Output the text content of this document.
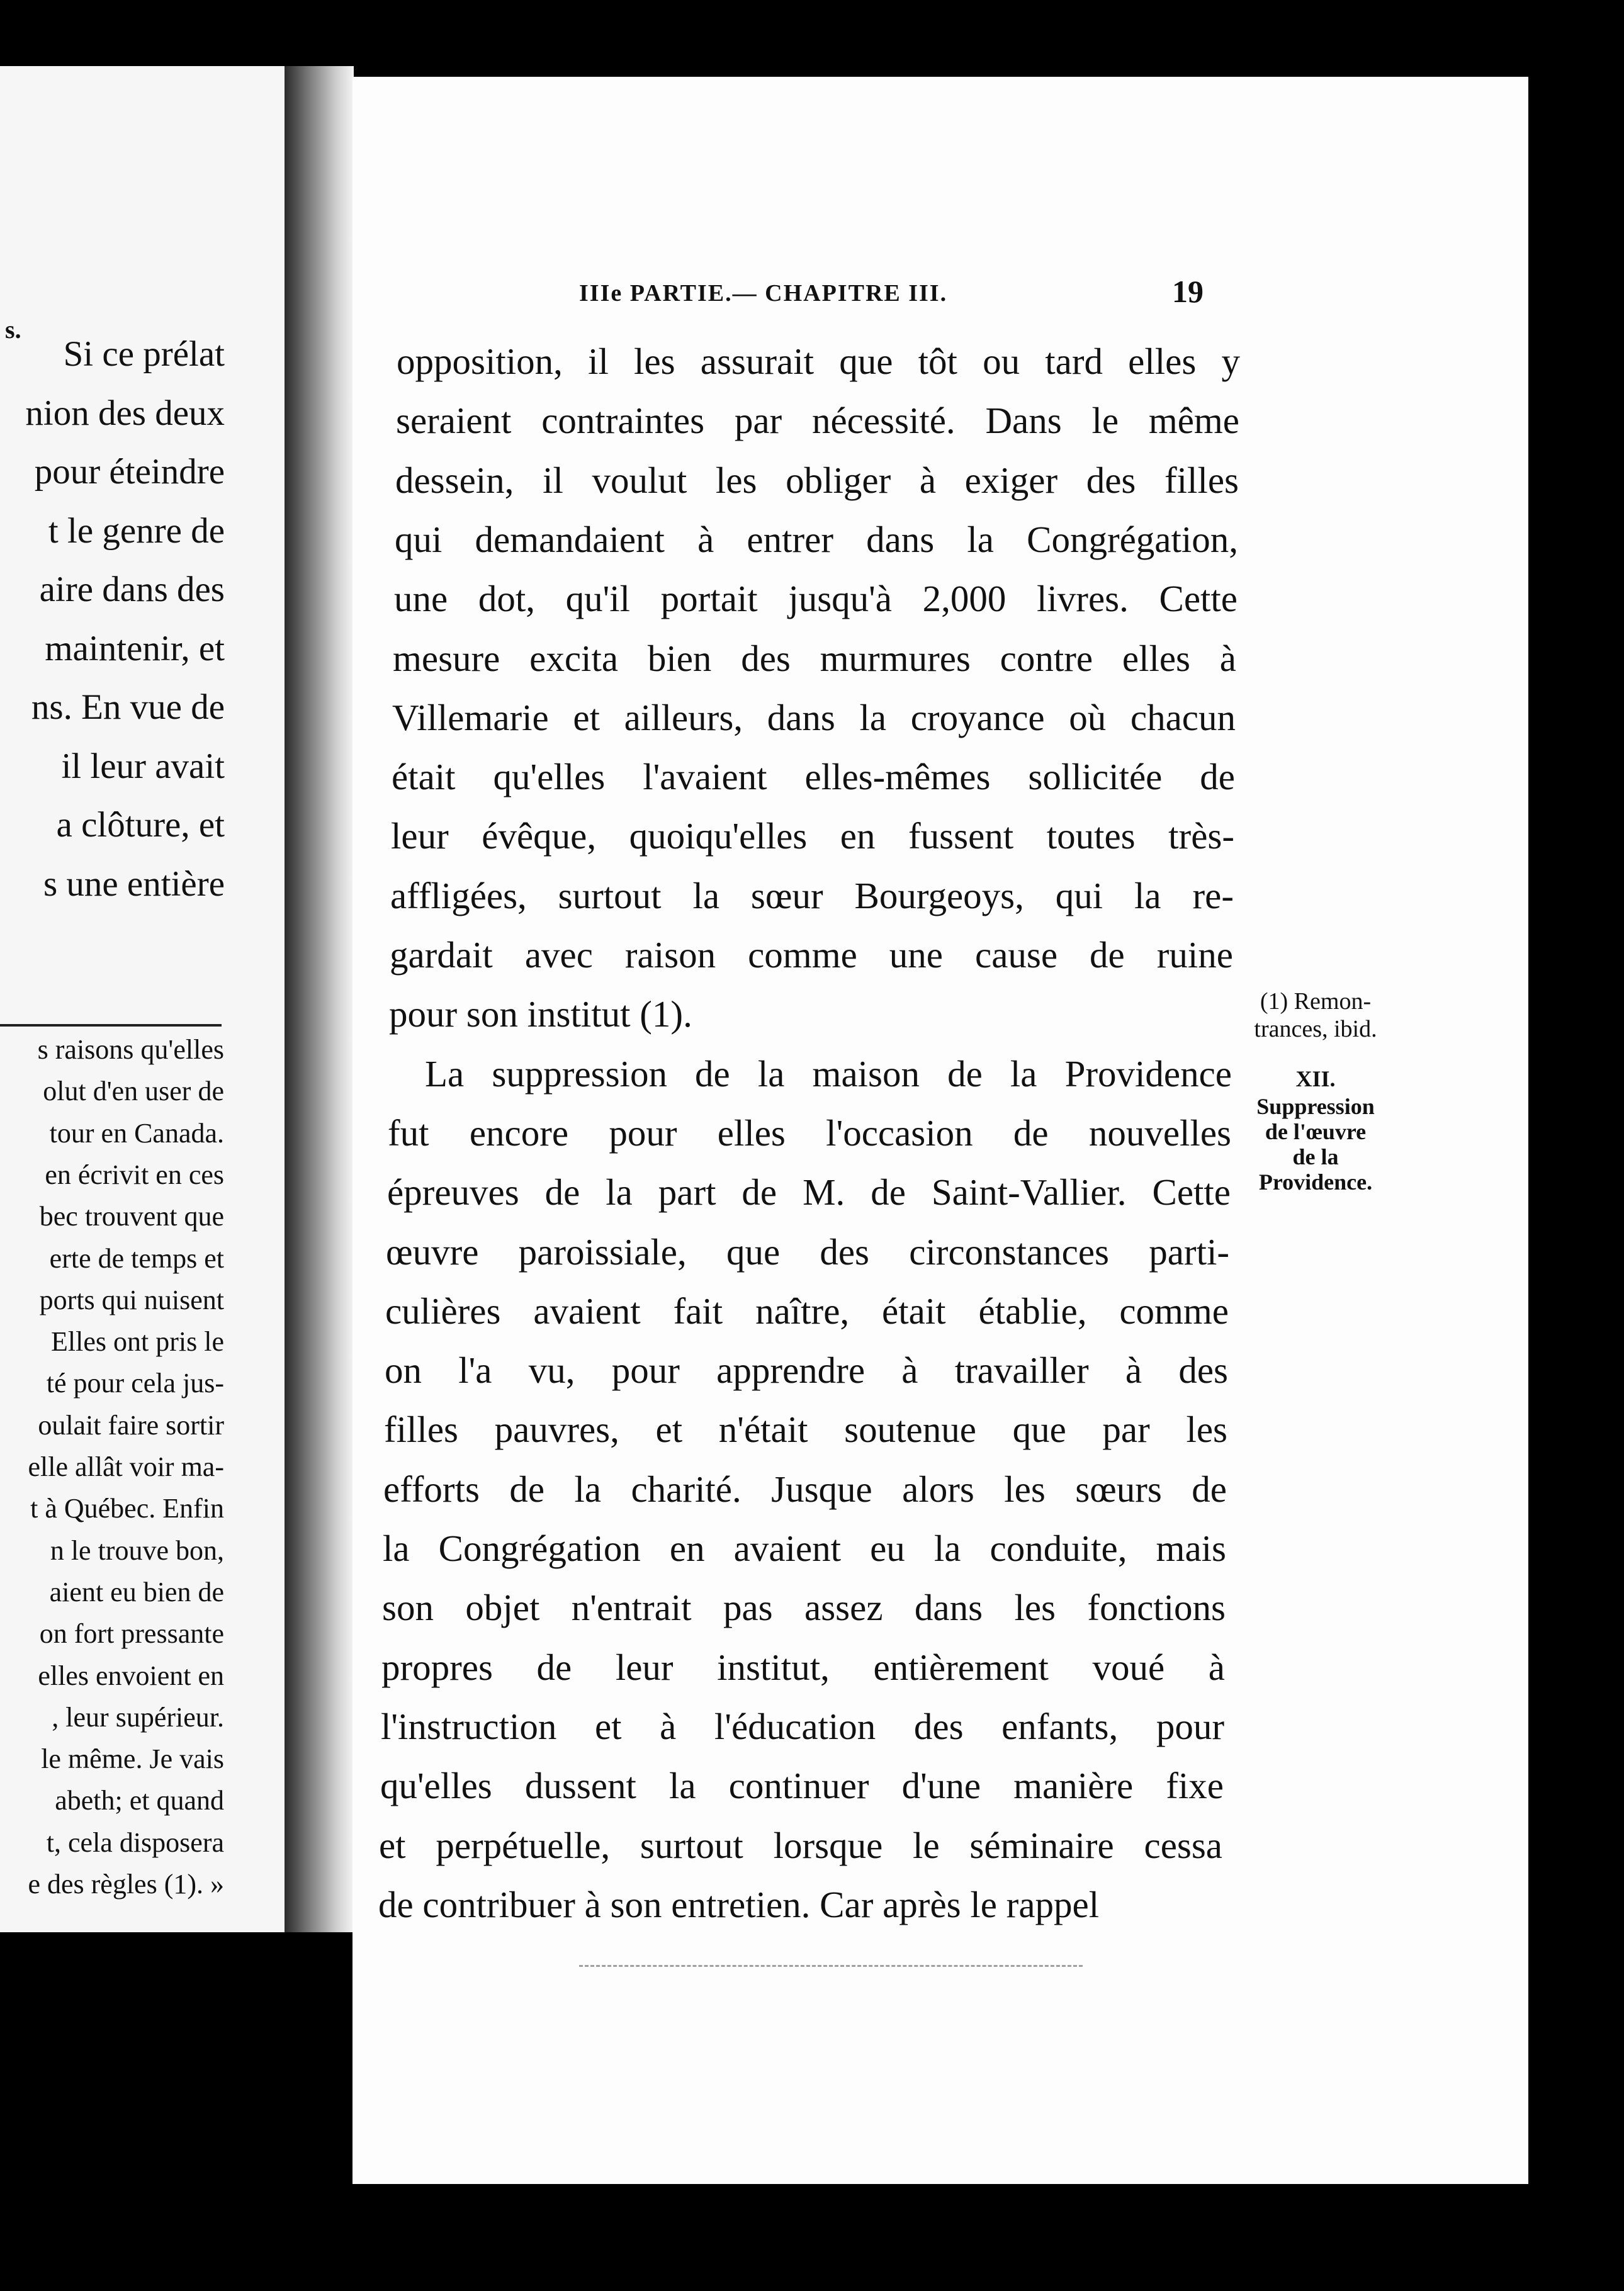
s.
Si ce prélat
nion des deux
pour éteindre
t le genre de
aire dans des
maintenir, et
ns. En vue de
il leur avait
a clôture, et
s une entière
s raisons qu'elles
olut d'en user de
tour en Canada.
en écrivit en ces
bec trouvent que
erte de temps et
ports qui nuisent
Elles ont pris le
té pour cela jus-
oulait faire sortir
elle allât voir ma-
t à Québec. Enfin
n le trouve bon,
aient eu bien de
on fort pressante
elles envoient en
, leur supérieur.
le même. Je vais
abeth; et quand
t, cela disposera
e des règles (1). »
IIIe PARTIE.— CHAPITRE III.	19
opposition, il les assurait que tôt ou tard elles y
seraient contraintes par nécessité. Dans le même
dessein, il voulut les obliger à exiger des filles
qui demandaient à entrer dans la Congrégation,
une dot, qu'il portait jusqu'à 2,000 livres. Cette
mesure excita bien des murmures contre elles à
Villemarie et ailleurs, dans la croyance où chacun
était qu'elles l'avaient elles-mêmes sollicitée de
leur évêque, quoiqu'elles en fussent toutes très-
affligées, surtout la sœur Bourgeoys, qui la re-
gardait avec raison comme une cause de ruine
pour son institut (1).
La suppression de la maison de la Providence
fut encore pour elles l'occasion de nouvelles
épreuves de la part de M. de Saint-Vallier. Cette
œuvre paroissiale, que des circonstances parti-
culières avaient fait naître, était établie, comme
on l'a vu, pour apprendre à travailler à des
filles pauvres, et n'était soutenue que par les
efforts de la charité. Jusque alors les sœurs de
la Congrégation en avaient eu la conduite, mais
son objet n'entrait pas assez dans les fonctions
propres de leur institut, entièrement voué à
l'instruction et à l'éducation des enfants, pour
qu'elles dussent la continuer d'une manière fixe
et perpétuelle, surtout lorsque le séminaire cessa
de contribuer à son entretien. Car après le rappel
(1) Remon-
trances, ibid.
XII.
Suppression
de l'œuvre
de la
Providence.
